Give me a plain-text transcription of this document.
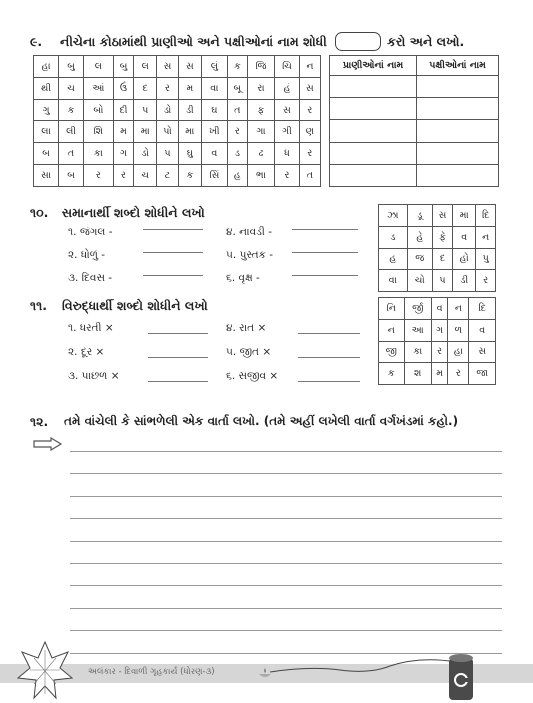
૯. નીચેના કોઠામાંથી પ્રાણીઓ અને પક્ષીઓનાં નામ શોધી	કરો અને લખો.
હા	બુ	લ	બુ	લ	સ	સ	લું	ક	જિ	ચિ	ન
થી	ચ	આં	ઉં	દ	ર	મ	વા	બૂ	રા	હં	સ
ગુ	ક	બો	દી	પ	ડો	ડી	ઘ	ત	ફ	સ	ર
લા	લી	શિ	મ	મા	પો	મા	ખી	ર	ગા	ગી	ણ
બ	ત	કા	ગ	ડો	પ	ઘુ	વ	ડ	ઢ	ધ	ર
સા	બ	ર	ર	ચ	ટ	ક	સિં	હ	ભા	ર	ત
પ્રાણીઓનાં નામ	પક્ષીઓનાં નામ

૧૦. સમાનાર્થી શબ્દો શોધીને લખો
૧. જંગલ -
૨. ધોળું -
૩. દિવસ -
૪. નાવડી -
૫. પુસ્તક -
૬. વૃક્ષ -
ઝા	ડૂ	સ	મા	દિ
ડ	હે	ફે	વ	ન
હ	જ	દ	હો	પુ
વા	ચો	પ	ડી	ર
૧૧. વિરુદ્ધાર્થી શબ્દો શોધીને લખો
૧. ધરતી ×
૨. દૂર ×
૩. પાછળ ×
૪. રાત ×
૫. જીત ×
૬. સજીવ ×
નિ	ર્જી	વ	ન	દિ
ન	આ	ગ	ળ	વ
જી	કા	ર	હા	સ
ક	શ	મ	ર	જા
૧૨. તમે વાંચેલી કે સાંભળેલી એક વાર્તા લખો. (તમે અહીં લખેલી વાર્તા વર્ગખંડમાં કહો.)
અલંકાર - દિવાળી ગૃહકાર્ય (ધોરણ-૩)
